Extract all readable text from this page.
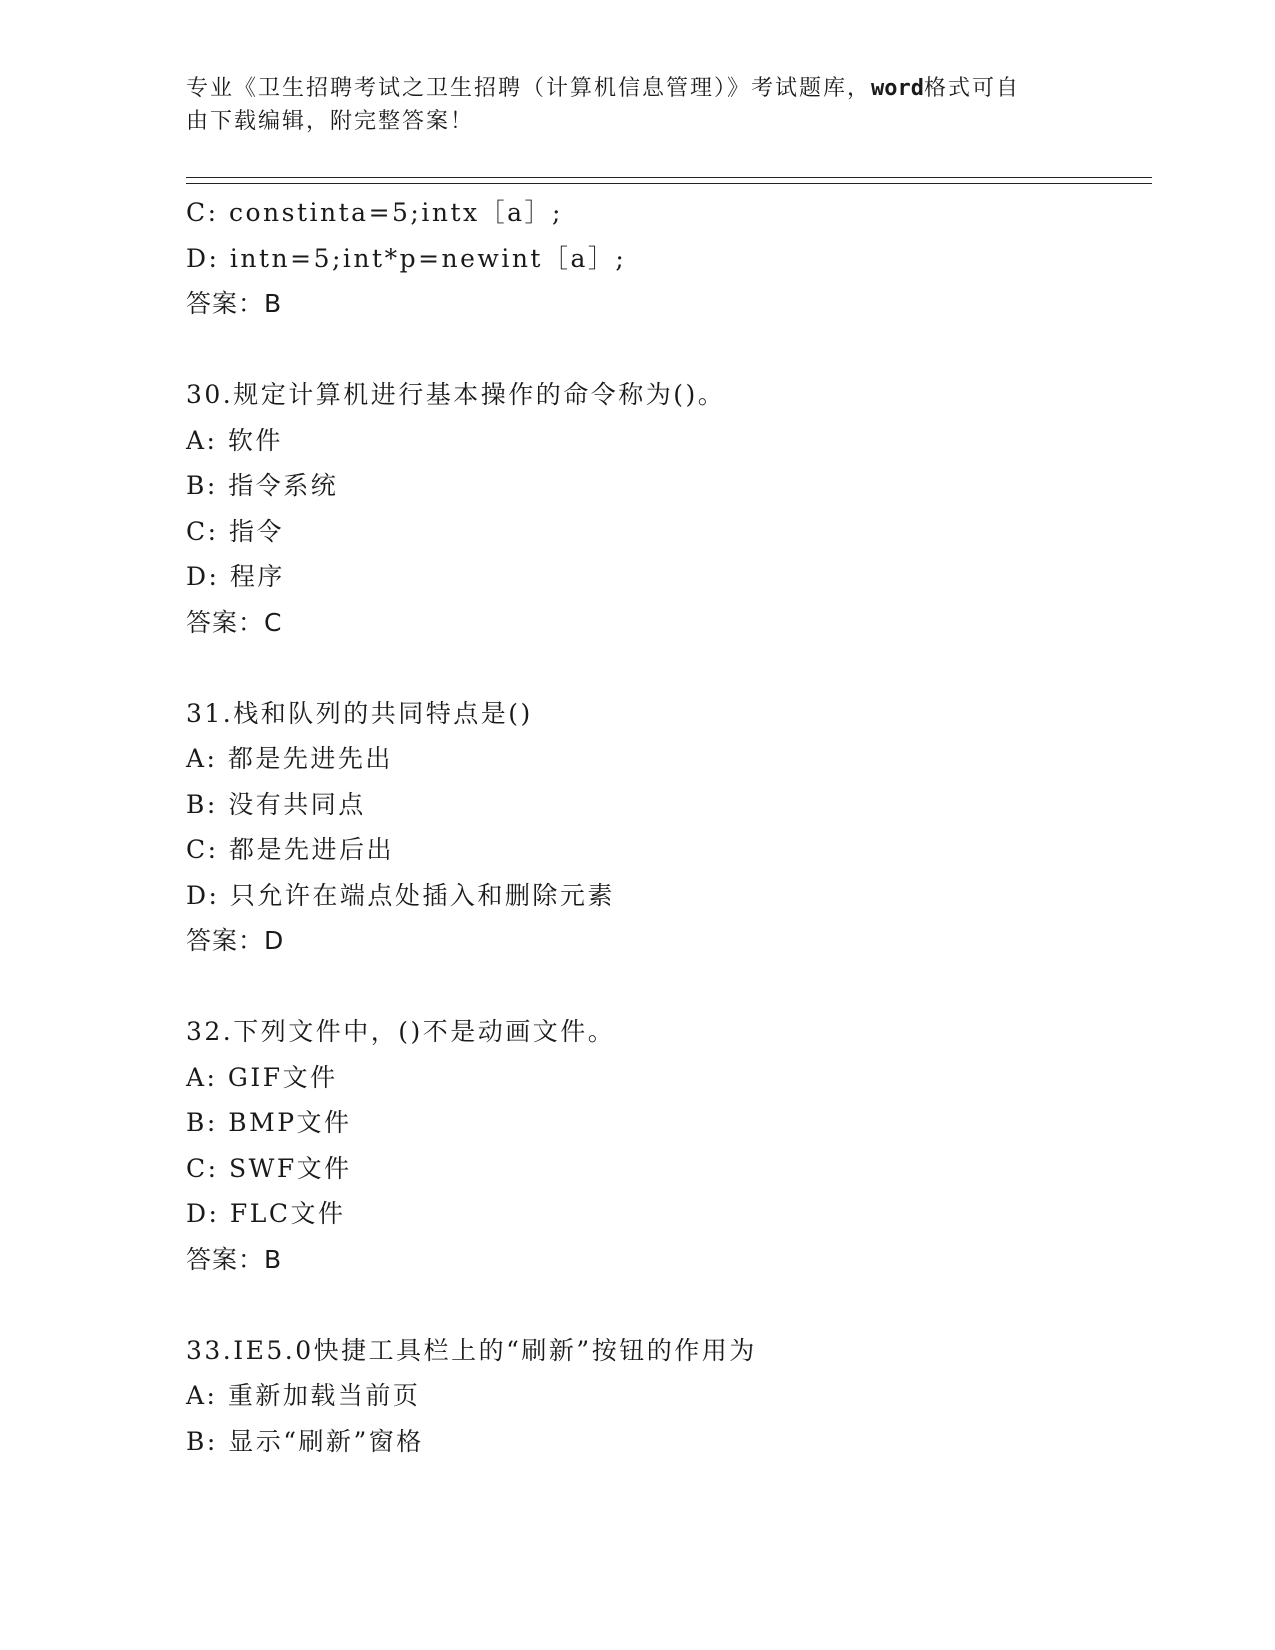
专业《卫生招聘考试之卫生招聘（计算机信息管理）》考试题库，word格式可自
由下载编辑，附完整答案！
C: constinta=5;intx［a］;
D: intn=5;int*p=newint［a］;
答案：B
30.规定计算机进行基本操作的命令称为()。
A: 软件
B: 指令系统
C: 指令
D: 程序
答案：C
31.栈和队列的共同特点是()
A: 都是先进先出
B: 没有共同点
C: 都是先进后出
D: 只允许在端点处插入和删除元素
答案：D
32.下列文件中，()不是动画文件。
A: GIF文件
B: BMP文件
C: SWF文件
D: FLC文件
答案：B
33.IE5.0快捷工具栏上的“刷新”按钮的作用为
A: 重新加载当前页
B: 显示“刷新”窗格
